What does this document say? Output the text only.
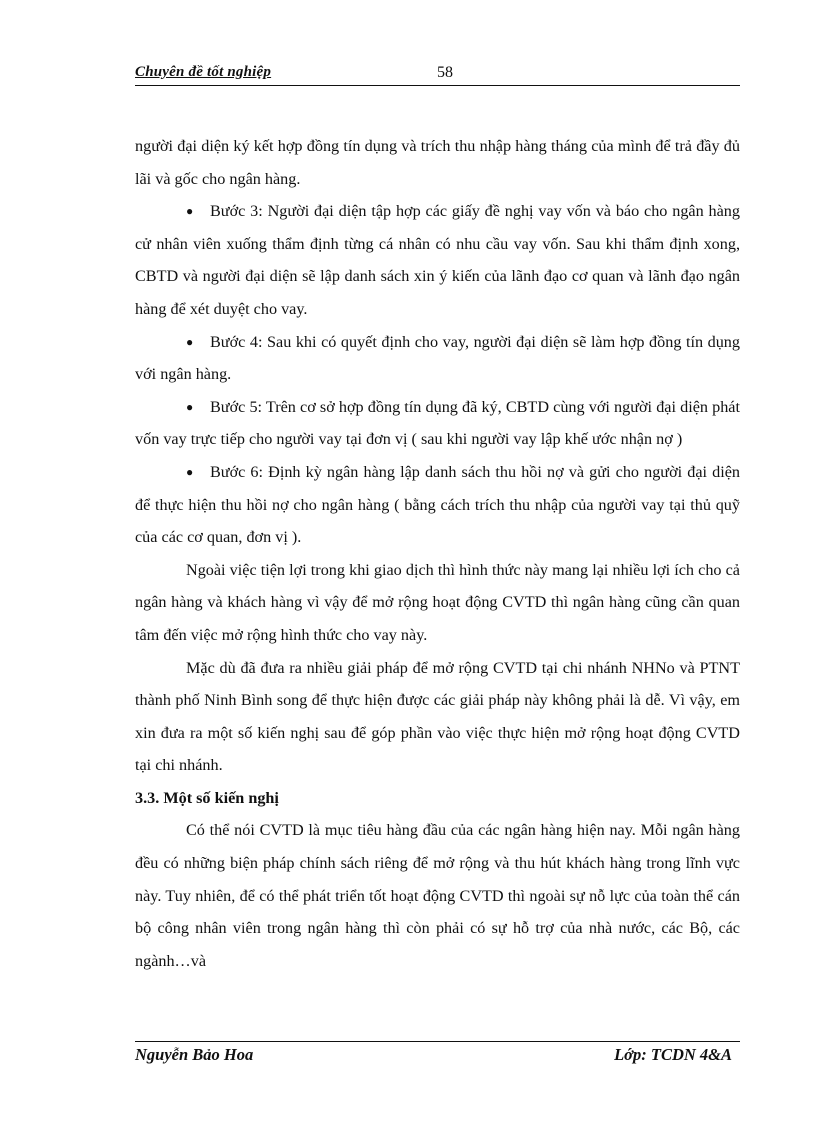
Chuyên đề tốt nghiệp	58

người đại diện ký kết hợp đồng tín dụng và trích thu nhập hàng tháng của mình để trả đầy đủ lãi và gốc cho ngân hàng.

● Bước 3: Người đại diện tập hợp các giấy đề nghị vay vốn và báo cho ngân hàng cử nhân viên xuống thẩm định từng cá nhân có nhu cầu vay vốn. Sau khi thẩm định xong, CBTD và người đại diện sẽ lập danh sách xin ý kiến của lãnh đạo cơ quan và lãnh đạo ngân hàng để xét duyệt cho vay.

● Bước 4: Sau khi có quyết định cho vay, người đại diện sẽ làm hợp đồng tín dụng với ngân hàng.

● Bước 5: Trên cơ sở hợp đồng tín dụng đã ký, CBTD cùng với người đại diện phát vốn vay trực tiếp cho người vay tại đơn vị ( sau khi người vay lập khế ước nhận nợ )

● Bước 6: Định kỳ ngân hàng lập danh sách thu hồi nợ và gửi cho người đại diện để thực hiện thu hồi nợ cho ngân hàng ( bằng cách trích thu nhập của người vay tại thủ quỹ của các cơ quan, đơn vị ).

Ngoài việc tiện lợi trong khi giao dịch thì hình thức này mang lại nhiều lợi ích cho cả ngân hàng và khách hàng vì vậy để mở rộng hoạt động CVTD thì ngân hàng cũng cần quan tâm đến việc mở rộng hình thức cho vay này.

Mặc dù đã đưa ra nhiều giải pháp để mở rộng CVTD tại chi nhánh NHNo và PTNT thành phố Ninh Bình song để thực hiện được các giải pháp này không phải là dễ. Vì vậy, em xin đưa ra một số kiến nghị sau để góp phần vào việc thực hiện mở rộng hoạt động CVTD tại chi nhánh.

3.3. Một số kiến nghị

Có thể nói CVTD là mục tiêu hàng đầu của các ngân hàng hiện nay. Mỗi ngân hàng đều có những biện pháp chính sách riêng để mở rộng và thu hút khách hàng trong lĩnh vực này. Tuy nhiên, để có thể phát triển tốt hoạt động CVTD thì ngoài sự nỗ lực của toàn thể cán bộ công nhân viên trong ngân hàng thì còn phải có sự hỗ trợ của nhà nước, các Bộ, các ngành…và

Nguyễn Bảo Hoa	Lớp: TCDN 4&A
